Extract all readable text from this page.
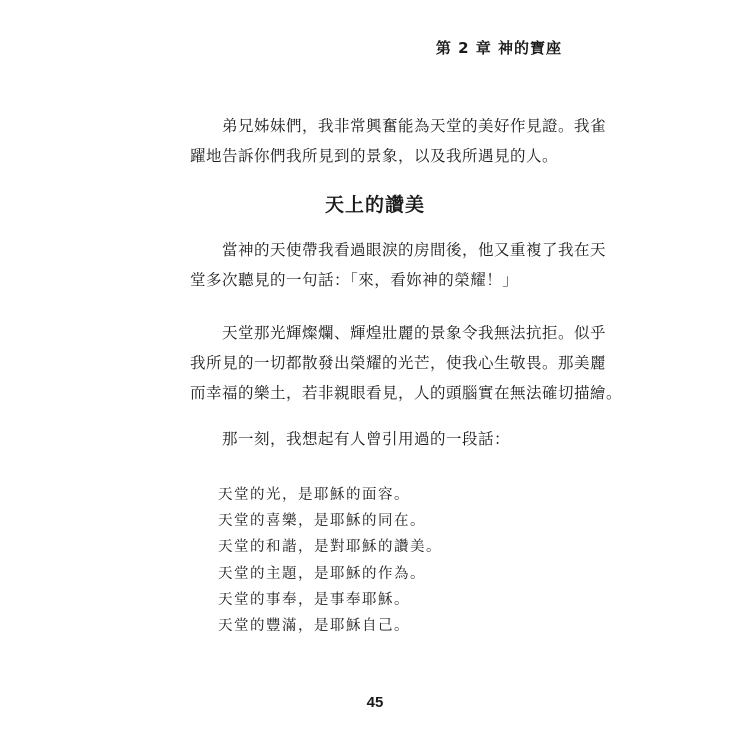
第 2 章 神的寶座
　　弟兄姊妹們，我非常興奮能為天堂的美好作見證。我雀
躍地告訴你們我所見到的景象，以及我所遇見的人。
天上的讚美
　　當神的天使帶我看過眼淚的房間後，他又重複了我在天
堂多次聽見的一句話：「來，看妳神的榮耀！」
　　天堂那光輝燦爛、輝煌壯麗的景象令我無法抗拒。似乎
我所見的一切都散發出榮耀的光芒，使我心生敬畏。那美麗
而幸福的樂土，若非親眼看見，人的頭腦實在無法確切描繪。
　　那一刻，我想起有人曾引用過的一段話：
天堂的光，是耶穌的面容。
天堂的喜樂，是耶穌的同在。
天堂的和諧，是對耶穌的讚美。
天堂的主題，是耶穌的作為。
天堂的事奉，是事奉耶穌。
天堂的豐滿，是耶穌自己。
45
